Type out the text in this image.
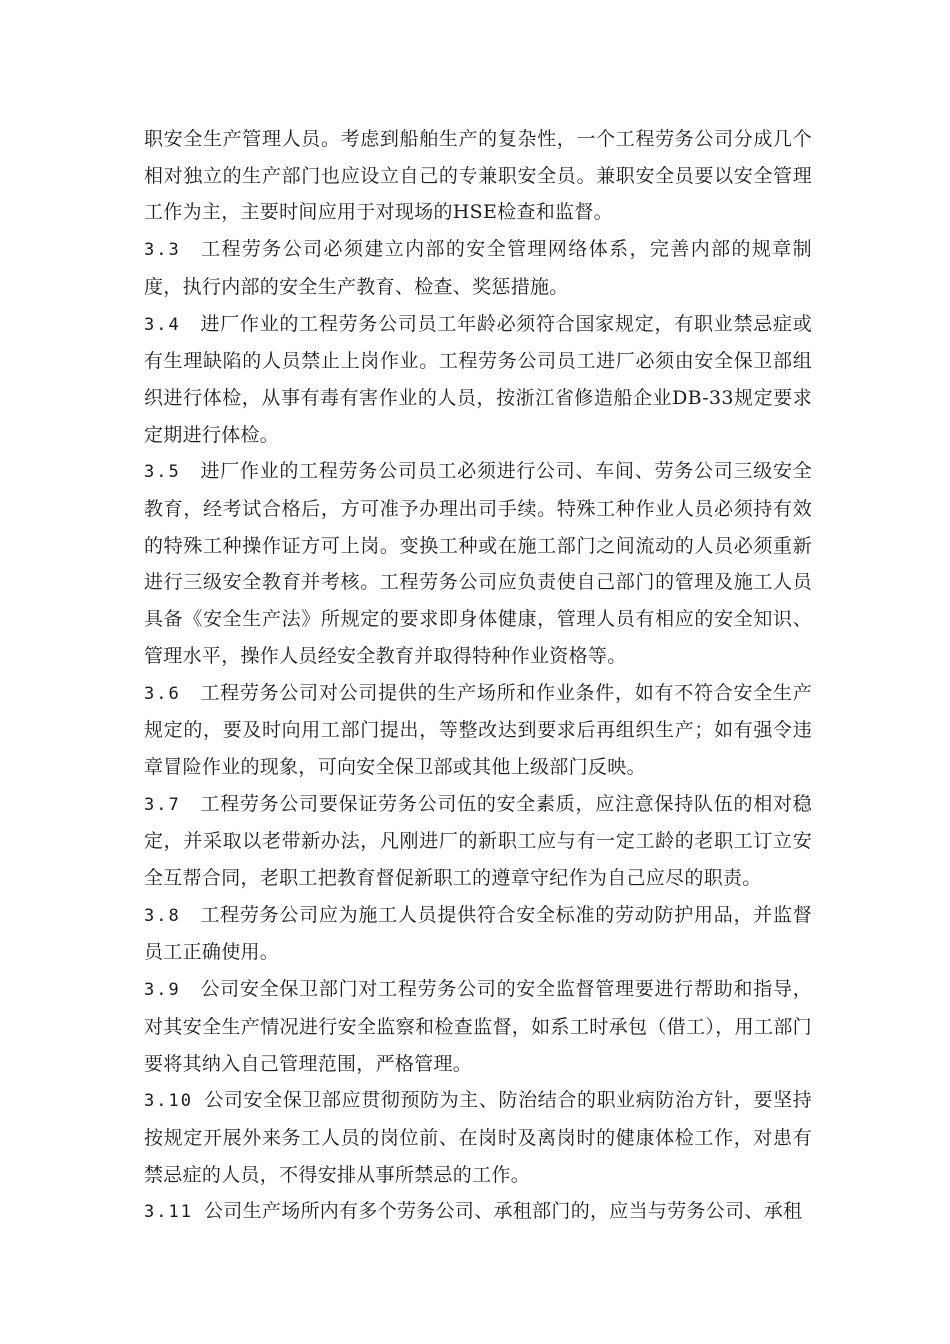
职安全生产管理人员。考虑到船舶生产的复杂性，一个工程劳务公司分成几个相对独立的生产部门也应设立自己的专兼职安全员。兼职安全员要以安全管理工作为主，主要时间应用于对现场的HSE检查和监督。

3.3 工程劳务公司必须建立内部的安全管理网络体系，完善内部的规章制度，执行内部的安全生产教育、检查、奖惩措施。

3.4 进厂作业的工程劳务公司员工年龄必须符合国家规定，有职业禁忌症或有生理缺陷的人员禁止上岗作业。工程劳务公司员工进厂必须由安全保卫部组织进行体检，从事有毒有害作业的人员，按浙江省修造船企业DB-33规定要求定期进行体检。

3.5 进厂作业的工程劳务公司员工必须进行公司、车间、劳务公司三级安全教育，经考试合格后，方可准予办理出司手续。特殊工种作业人员必须持有效的特殊工种操作证方可上岗。变换工种或在施工部门之间流动的人员必须重新进行三级安全教育并考核。工程劳务公司应负责使自己部门的管理及施工人员具备《安全生产法》所规定的要求即身体健康，管理人员有相应的安全知识、管理水平，操作人员经安全教育并取得特种作业资格等。

3.6 工程劳务公司对公司提供的生产场所和作业条件，如有不符合安全生产规定的，要及时向用工部门提出，等整改达到要求后再组织生产；如有强令违章冒险作业的现象，可向安全保卫部或其他上级部门反映。

3.7 工程劳务公司要保证劳务公司伍的安全素质，应注意保持队伍的相对稳定，并采取以老带新办法，凡刚进厂的新职工应与有一定工龄的老职工订立安全互帮合同，老职工把教育督促新职工的遵章守纪作为自己应尽的职责。

3.8 工程劳务公司应为施工人员提供符合安全标准的劳动防护用品，并监督员工正确使用。

3.9 公司安全保卫部门对工程劳务公司的安全监督管理要进行帮助和指导，对其安全生产情况进行安全监察和检查监督，如系工时承包（借工），用工部门要将其纳入自己管理范围，严格管理。

3.10 公司安全保卫部应贯彻预防为主、防治结合的职业病防治方针，要坚持按规定开展外来务工人员的岗位前、在岗时及离岗时的健康体检工作，对患有禁忌症的人员，不得安排从事所禁忌的工作。

3.11 公司生产场所内有多个劳务公司、承租部门的，应当与劳务公司、承租
